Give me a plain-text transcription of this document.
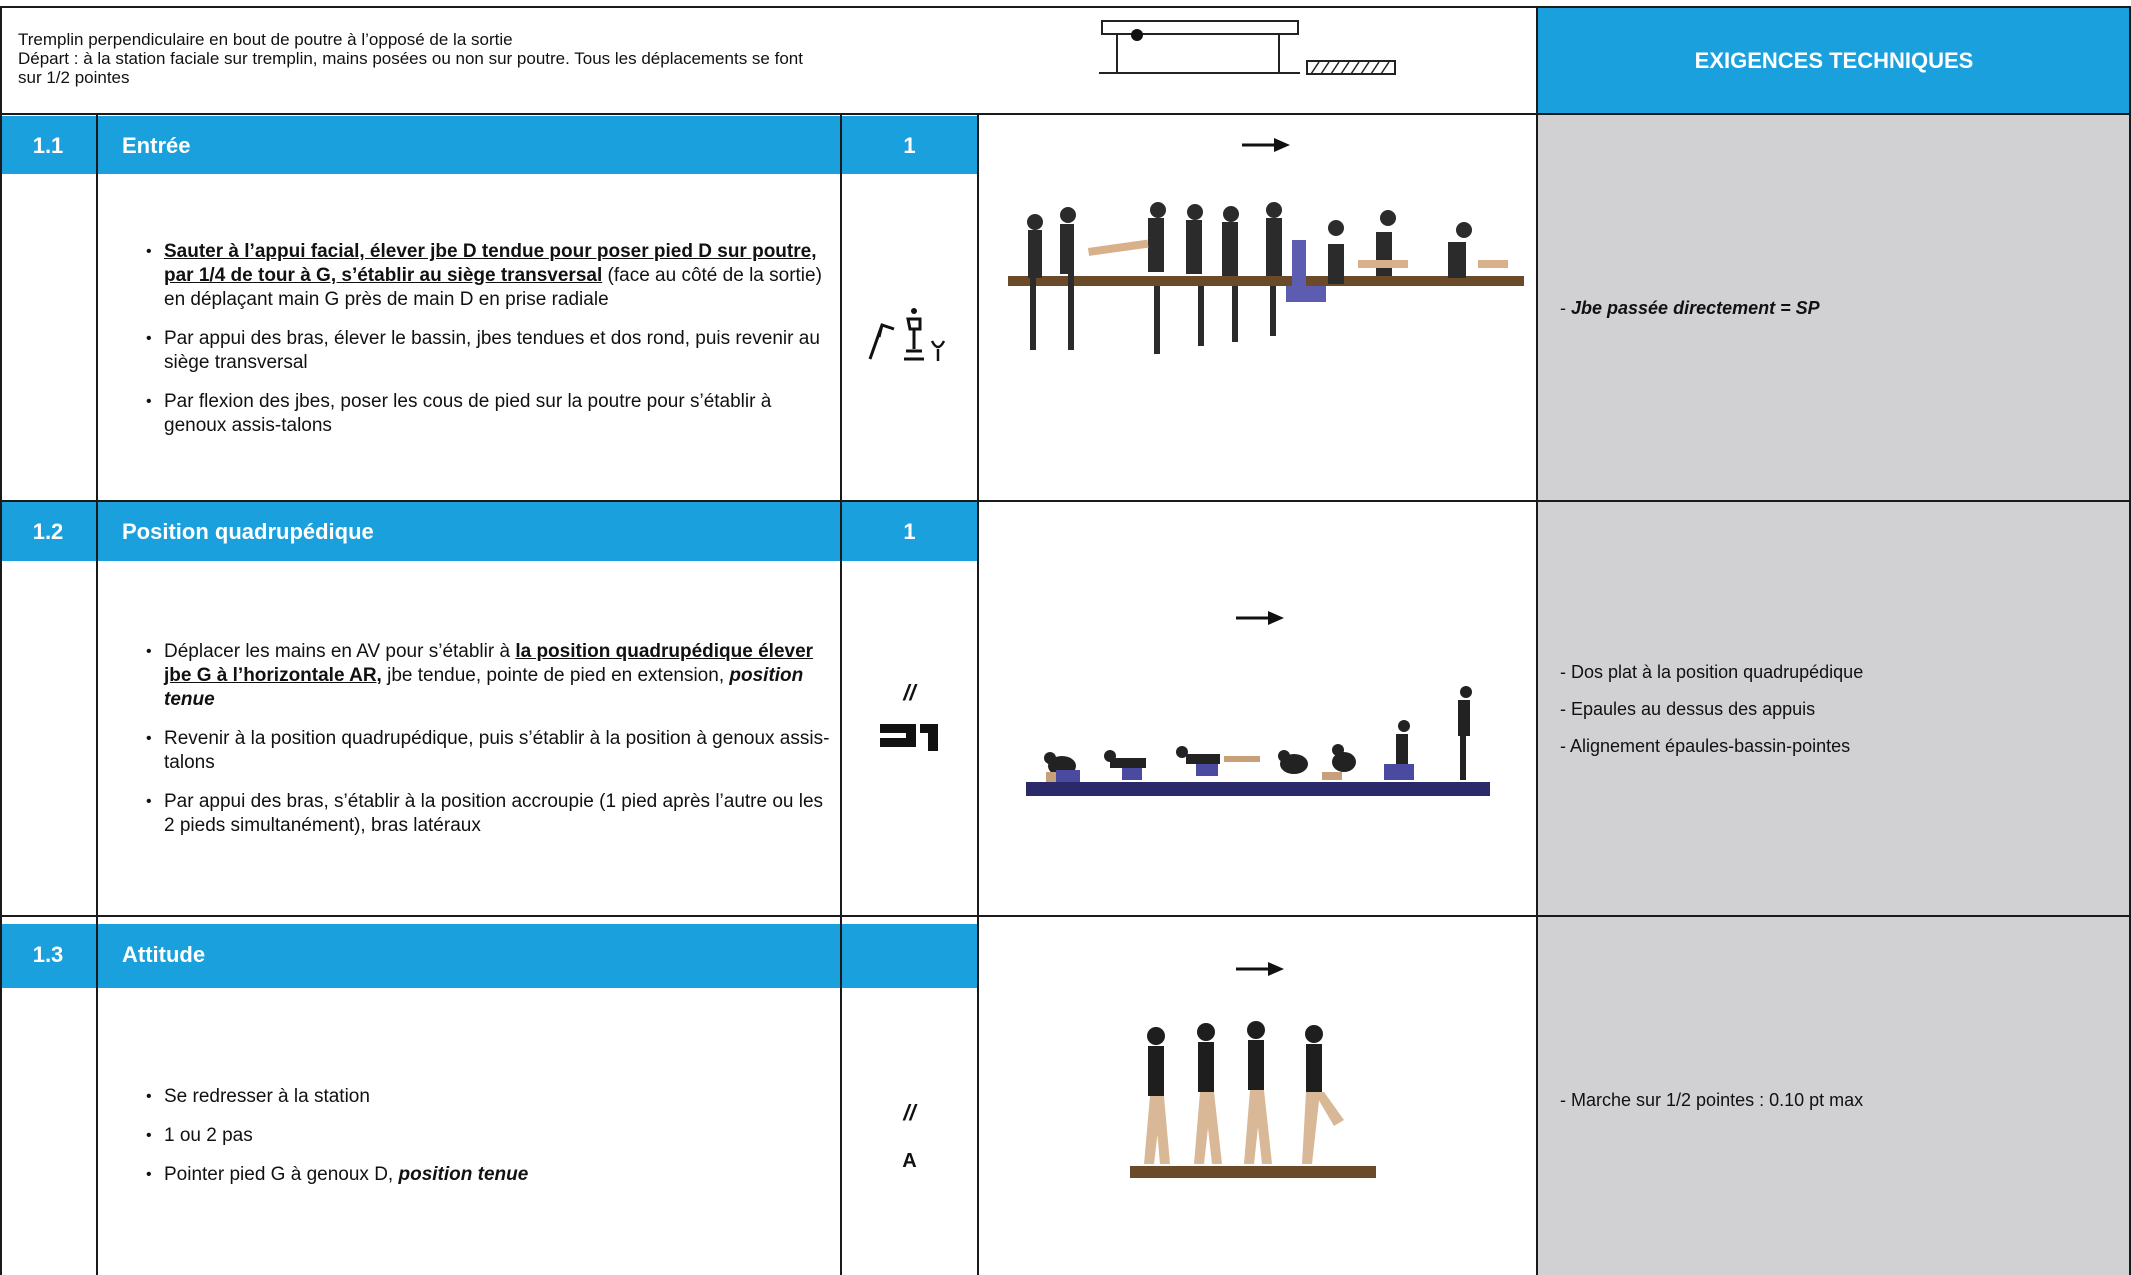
Tremplin perpendiculaire en bout de poutre à l’opposé de la sortie
Départ : à la station faciale sur tremplin, mains posées ou non sur poutre. Tous les déplacements se font
sur 1/2 pointes
EXIGENCES TECHNIQUES
1.1	Entrée	1
• Sauter à l’appui facial, élever jbe D tendue pour poser pied D sur poutre, par 1/4 de tour à G, s’établir au siège transversal (face au côté de la sortie) en déplaçant main G près de main D en prise radiale
• Par appui des bras, élever le bassin, jbes tendues et dos rond, puis revenir au siège transversal
• Par flexion des jbes, poser les cous de pied sur la poutre pour s’établir à genoux assis-talons
- Jbe passée directement = SP
1.2	Position quadrupédique	1
• Déplacer les mains en AV pour s’établir à la position quadrupédique élever jbe G à l’horizontale AR, jbe tendue, pointe de pied en extension, position tenue
• Revenir à la position quadrupédique, puis s’établir à la position à genoux assis-talons
• Par appui des bras, s’établir à la position accroupie (1 pied après l’autre ou les 2 pieds simultanément), bras latéraux
//
- Dos plat à la position quadrupédique
- Epaules au dessus des appuis
- Alignement épaules-bassin-pointes
1.3	Attitude
• Se redresser à la station
• 1 ou 2 pas
• Pointer pied G à genoux D, position tenue
//
A
- Marche sur 1/2 pointes : 0.10 pt max
